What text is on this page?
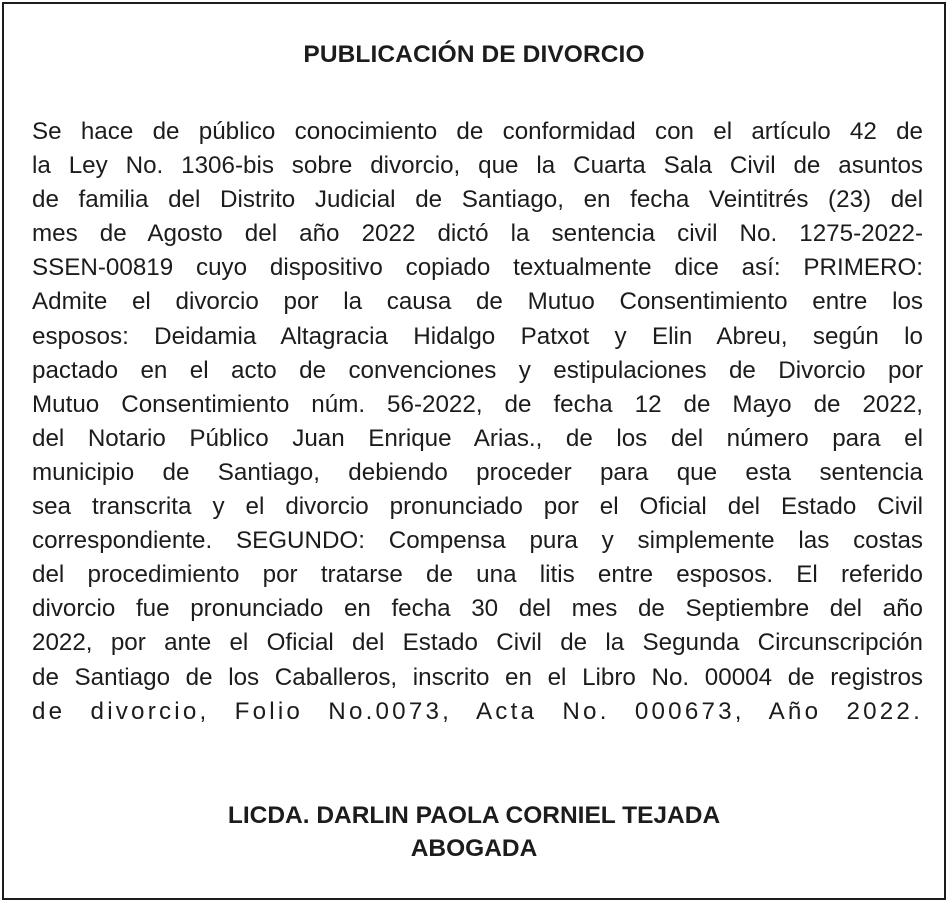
PUBLICACIÓN DE DIVORCIO
Se hace de público conocimiento de conformidad con el artículo 42 de
la Ley No. 1306-bis sobre divorcio, que la Cuarta Sala Civil de asuntos
de familia del Distrito Judicial de Santiago, en fecha Veintitrés (23) del
mes de Agosto del año 2022 dictó la sentencia civil No. 1275-2022-
SSEN-00819 cuyo dispositivo copiado textualmente dice así: PRIMERO:
Admite el divorcio por la causa de Mutuo Consentimiento entre los
esposos: Deidamia Altagracia Hidalgo Patxot y Elin Abreu, según lo
pactado en el acto de convenciones y estipulaciones de Divorcio por
Mutuo Consentimiento núm. 56-2022, de fecha 12 de Mayo de 2022,
del Notario Público Juan Enrique Arias., de los del número para el
municipio de Santiago, debiendo proceder para que esta sentencia
sea transcrita y el divorcio pronunciado por el Oficial del Estado Civil
correspondiente. SEGUNDO: Compensa pura y simplemente las costas
del procedimiento por tratarse de una litis entre esposos. El referido
divorcio fue pronunciado en fecha 30 del mes de Septiembre del año
2022, por ante el Oficial del Estado Civil de la Segunda Circunscripción
de Santiago de los Caballeros, inscrito en el Libro No. 00004 de registros
de divorcio, Folio No.0073, Acta No. 000673, Año 2022.
LICDA. DARLIN PAOLA CORNIEL TEJADA
ABOGADA
